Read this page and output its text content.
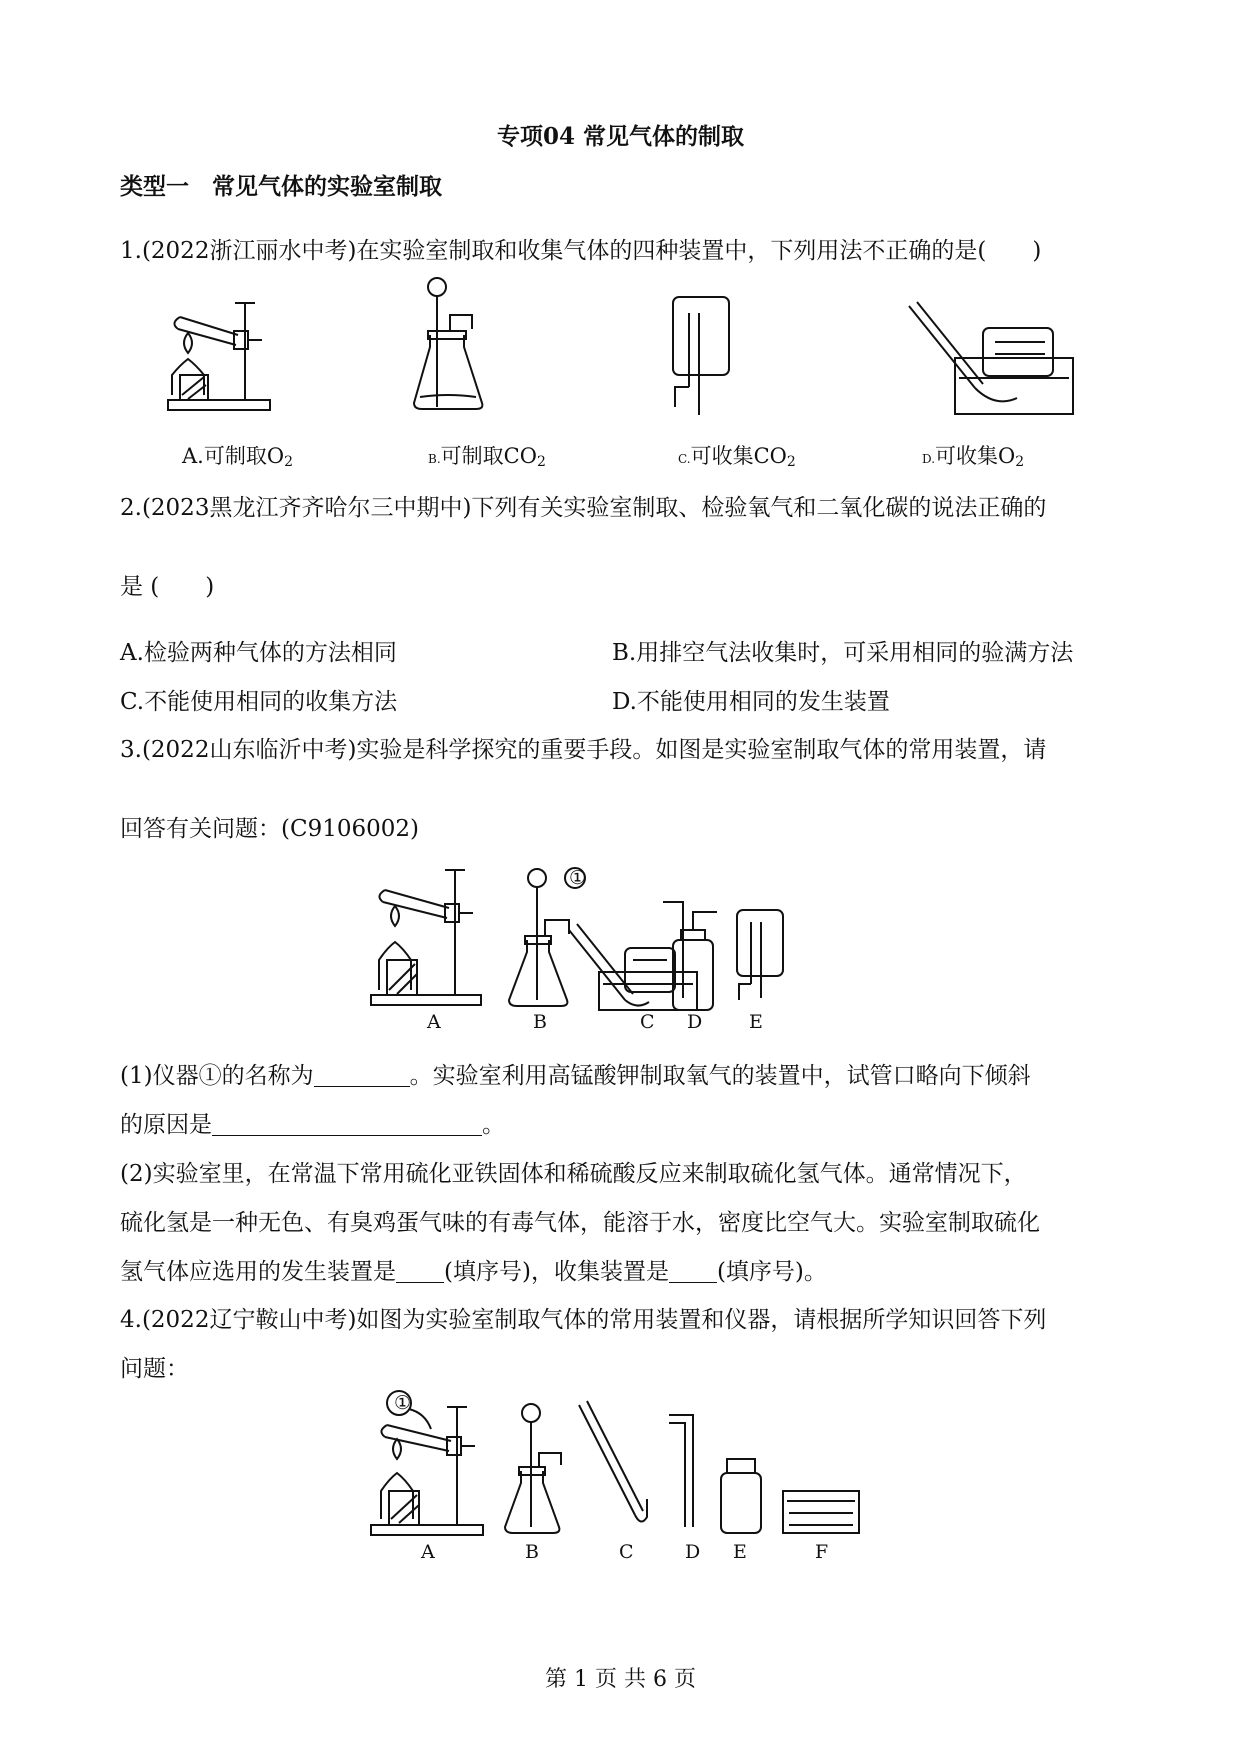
专项04 常见气体的制取
类型一　常见气体的实验室制取
1.(2022浙江丽水中考)在实验室制取和收集气体的四种装置中，下列用法不正确的是(　　)
A.可制取$O_2$	B.可制取$CO_2$	C.可收集$CO_2$	D.可收集$O_2$
2.(2023黑龙江齐齐哈尔三中期中)下列有关实验室制取、检验氧气和二氧化碳的说法正确的
是 (　　)
A.检验两种气体的方法相同	B.用排空气法收集时，可采用相同的验满方法
C.不能使用相同的收集方法	D.不能使用相同的发生装置
3.(2022山东临沂中考)实验是科学探究的重要手段。如图是实验室制取气体的常用装置，请
回答有关问题：(C9106002)
A
①
B	C D E
(1)仪器①的名称为	。实验室利用高锰酸钾制取氧气的装置中，试管口略向下倾斜
的原因是	。
(2)实验室里，在常温下常用硫化亚铁固体和稀硫酸反应来制取硫化氢气体。通常情况下，
硫化氢是一种无色、有臭鸡蛋气味的有毒气体，能溶于水，密度比空气大。实验室制取硫化
氢气体应选用的发生装置是 (填序号)，收集装置是 (填序号)。
4.(2022辽宁鞍山中考)如图为实验室制取气体的常用装置和仪器，请根据所学知识回答下列
问题：
①
A	B	C	D E	F
第 1 页 共 6 页
